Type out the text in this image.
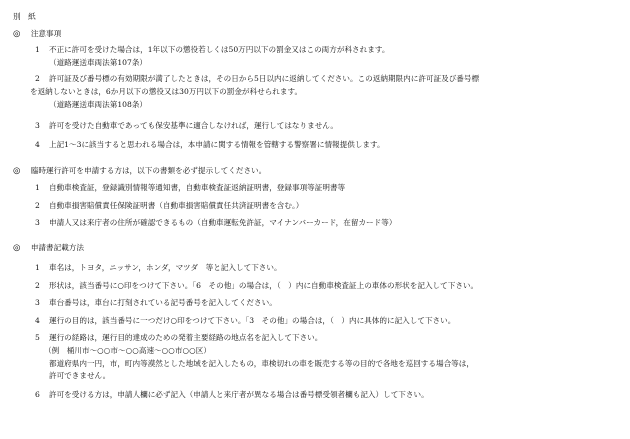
別　紙
◎ 注意事項
1 不正に許可を受けた場合は，1年以下の懲役若しくは50万円以下の罰金又はこの両方が科されます。
（道路運送車両法第107条）
2 許可証及び番号標の有効期限が満了したときは，その日から5日以内に返納してください。この返納期限内に許可証及び番号標
を返納しないときは，6か月以下の懲役又は30万円以下の罰金が科せられます。
（道路運送車両法第108条）
3 許可を受けた自動車であっても保安基準に適合しなければ，運行してはなりません。
4 上記1～3に該当すると思われる場合は，本申請に関する情報を管轄する警察署に情報提供します。
◎ 臨時運行許可を申請する方は，以下の書類を必ず提示してください。
1 自動車検査証，登録識別情報等通知書，自動車検査証返納証明書，登録事項等証明書等
2 自動車損害賠償責任保険証明書（自動車損害賠償責任共済証明書を含む。）
3 申請人又は来庁者の住所が確認できるもの（自動車運転免許証，マイナンバーカード，在留カード等）
◎ 申請書記載方法
1 車名は，トヨタ，ニッサン，ホンダ，マツダ　等と記入して下さい。
2 形状は，該当番号に○印をつけて下さい。「6　その他」の場合は，（　）内に自動車検査証上の車体の形状を記入して下さい。
3 車台番号は，車台に打刻されている記号番号を記入してください。
4 運行の目的は，該当番号に一つだけ○印をつけて下さい。「3　その他」の場合は，（　）内に具体的に記入して下さい。
5 運行の経路は，運行目的達成のための発着主要経路の地点名を記入して下さい。
（例　桶川市～○○市～○○高速～○○市○○区）
都道府県内一円，市，町内等漠然とした地域を記入したもの，車検切れの車を販売する等の目的で各地を巡回する場合等は，
許可できません。
6 許可を受ける方は，申請人欄に必ず記入（申請人と来庁者が異なる場合は番号標受領者欄も記入）して下さい。
